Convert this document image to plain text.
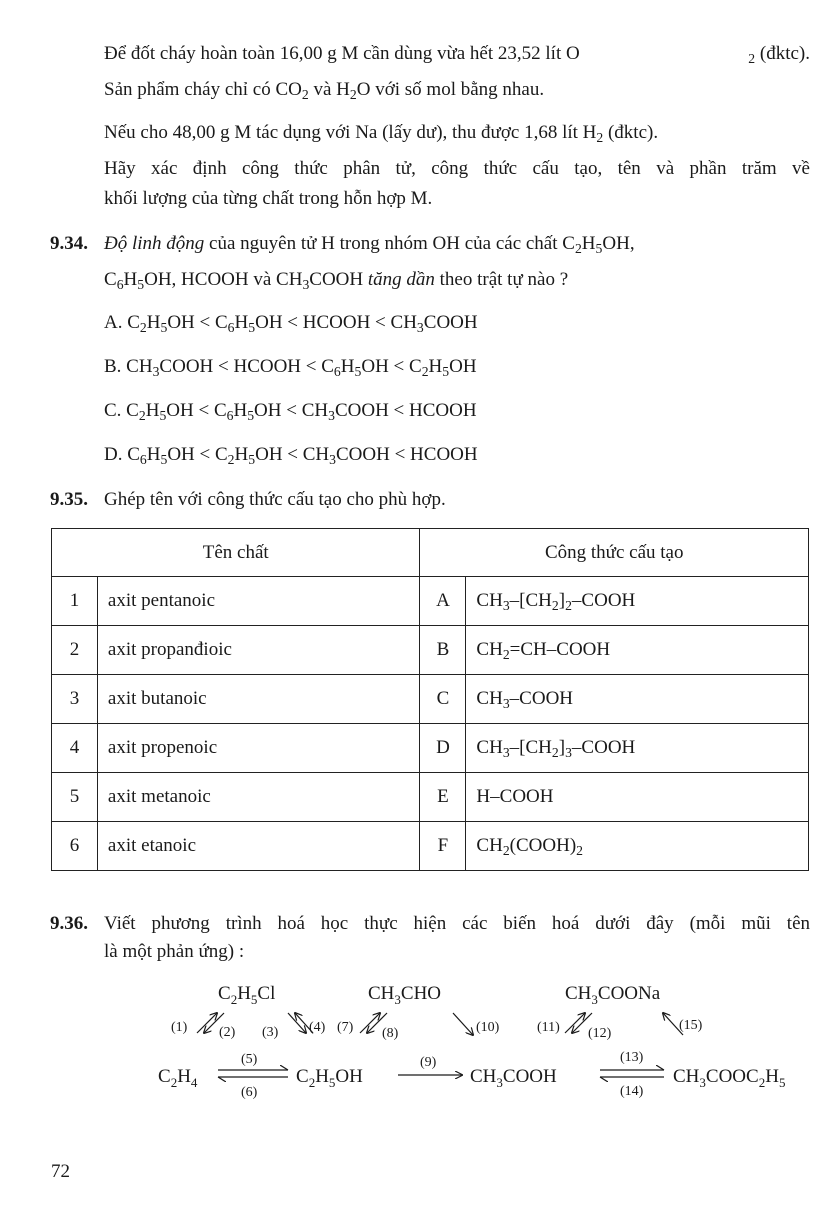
Để đốt cháy hoàn toàn 16,00 g M cần dùng vừa hết 23,52 lít O	$_2$ (đktc).
Sản phẩm cháy chỉ có $CO_2$ và $H_2O$ với số mol bằng nhau.
Nếu cho 48,00 g M tác dụng với Na (lấy dư), thu được 1,68 lít $H_2$ (đktc).
Hãy xác định công thức phân tử, công thức cấu tạo, tên và phần trăm về
khối lượng của từng chất trong hỗn hợp M.
9.34. Độ linh động của nguyên tử H trong nhóm OH của các chất $C_2H_5OH$,
$C_6H_5OH$, HCOOH và $CH_3COOH$ tăng dần theo trật tự nào ?
A. $C_2H_5OH < C_6H_5OH$ < HCOOH < $CH_3COOH$
B. $CH_3COOH$ < HCOOH < $C_6H_5OH < C_2H_5OH$
C. $C_2H_5OH < C_6H_5OH$ < $CH_3COOH$ < HCOOH
D. $C_6H_5OH < C_2H_5OH$ < $CH_3COOH$ < HCOOH
9.35. Ghép tên với công thức cấu tạo cho phù hợp.
Tên chất		Công thức cấu tạo	
1	axit pentanoic	A	$CH_3-[CH_2]_2$–COOH
2	axit propanđioic	B	$CH_2=CH$–COOH
3	axit butanoic	C	$CH_3$–COOH
4	axit propenoic	D	$CH_3-[CH_2]_3$–COOH
5	axit metanoic	E	H–COOH
6	axit etanoic	F	$CH_2(COOH)_2$
9.36. Viết phương trình hoá học thực hiện các biến hoá dưới đây (mỗi mũi tên
là một phản ứng) :
$C_2H_5Cl$	$CH_3CHO$	$CH_3COONa$
$C_2H_4$	$C_2H_5OH$	$CH_3COOH$	$CH_3COOC_2H_5$
(1) (2) (3) (4) (7) (8)	(10)	(11) (12)
(15)
(5)
(6)
(9)	(13)
(14)
72
